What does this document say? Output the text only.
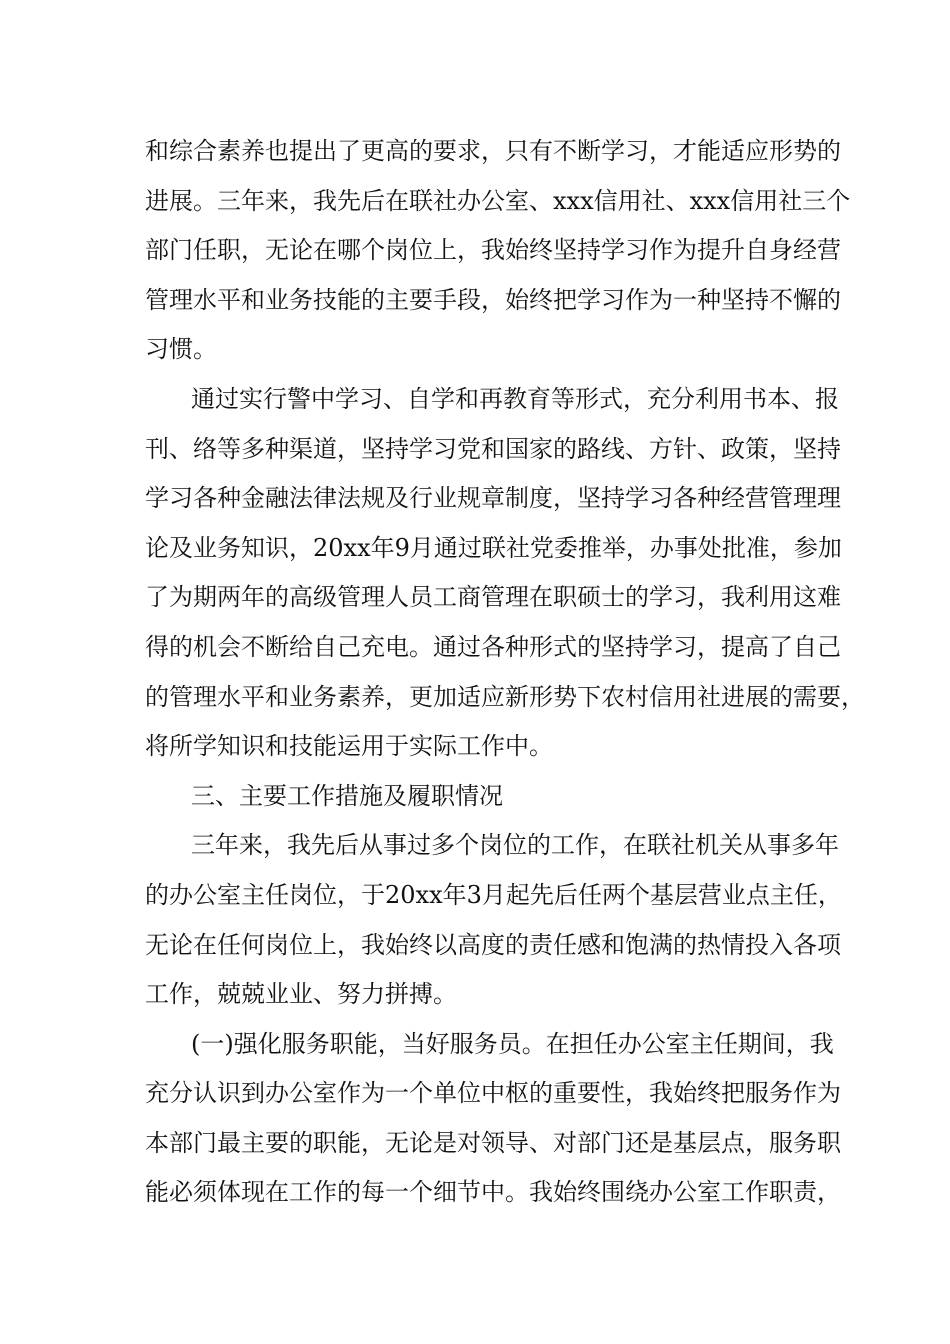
和综合素养也提出了更高的要求，只有不断学习，才能适应形势的
进展。三年来，我先后在联社办公室、xxx信用社、xxx信用社三个
部门任职，无论在哪个岗位上，我始终坚持学习作为提升自身经营
管理水平和业务技能的主要手段，始终把学习作为一种坚持不懈的
习惯。
通过实行警中学习、自学和再教育等形式，充分利用书本、报
刊、络等多种渠道，坚持学习党和国家的路线、方针、政策，坚持
学习各种金融法律法规及行业规章制度，坚持学习各种经营管理理
论及业务知识，20xx年9月通过联社党委推举，办事处批准，参加
了为期两年的高级管理人员工商管理在职硕士的学习，我利用这难
得的机会不断给自己充电。通过各种形式的坚持学习，提高了自己
的管理水平和业务素养，更加适应新形势下农村信用社进展的需要，
将所学知识和技能运用于实际工作中。
三、主要工作措施及履职情况
三年来，我先后从事过多个岗位的工作，在联社机关从事多年
的办公室主任岗位，于20xx年3月起先后任两个基层营业点主任，
无论在任何岗位上，我始终以高度的责任感和饱满的热情投入各项
工作，兢兢业业、努力拼搏。
(一)强化服务职能，当好服务员。在担任办公室主任期间，我
充分认识到办公室作为一个单位中枢的重要性，我始终把服务作为
本部门最主要的职能，无论是对领导、对部门还是基层点，服务职
能必须体现在工作的每一个细节中。我始终围绕办公室工作职责，
